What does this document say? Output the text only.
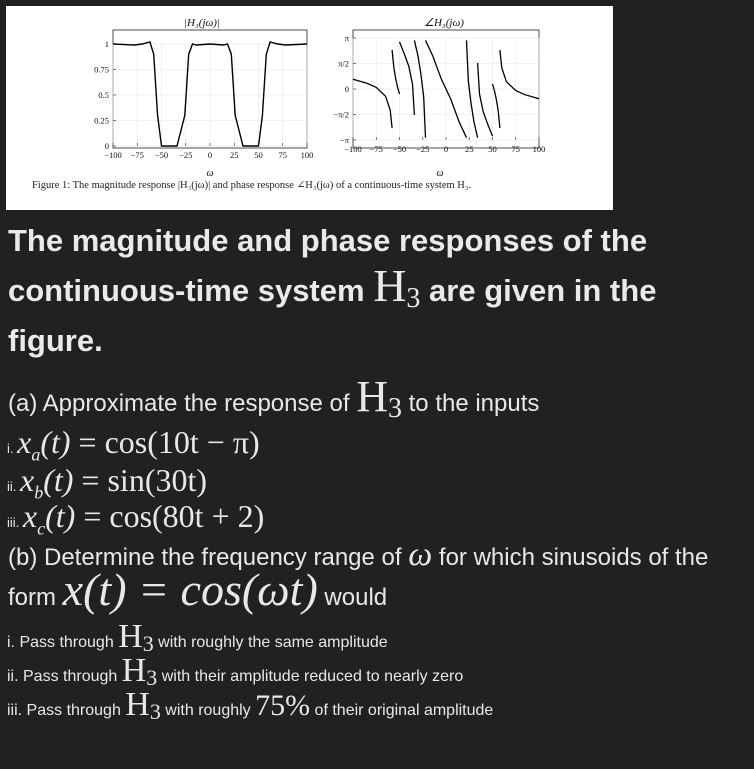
|H₃(jω)|
1
0.75
0.5
0.25
0
−100 −75 −50 −25 0 25 50 75 100
ω
∠H₃(jω)
π
π/2
0
−π/2
−π
−100 −75 −50 −25 0 25 50 75 100
ω
Figure 1: The magnitude response |H₃(jω)| and phase response ∠H₃(jω) of a continuous-time system H₃.
The magnitude and phase responses of the continuous-time system $H_3$ are given in the figure.
(a) Approximate the response of $H_3$ to the inputs
i. $x_a(t) = \cos(10t - \pi)$
ii. $x_b(t) = \sin(30t)$
iii. $x_c(t) = \cos(80t + 2)$
(b) Determine the frequency range of ω for which sinusoids of the form x(t) = cos(ωt) would
i. Pass through $H_3$ with roughly the same amplitude
ii. Pass through $H_3$ with their amplitude reduced to nearly zero
iii. Pass through $H_3$ with roughly 75% of their original amplitude
